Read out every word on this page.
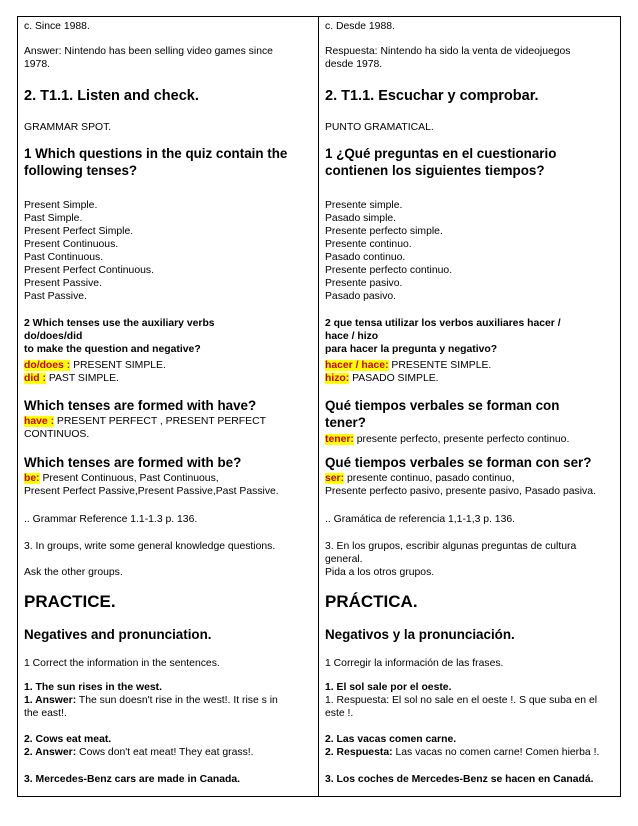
c. Since 1988.
Answer: Nintendo has been selling video games since
1978.
2. T1.1. Listen and check.
GRAMMAR SPOT.
1 Which questions in the quiz contain the
following tenses?
Present Simple.
Past Simple.
Present Perfect Simple.
Present Continuous.
Past Continuous.
Present Perfect Continuous.
Present Passive.
Past Passive.
2 Which tenses use the auxiliary verbs
do/does/did
to make the question and negative?
do/does : PRESENT SIMPLE.
did : PAST SIMPLE.
Which tenses are formed with have?
have : PRESENT PERFECT , PRESENT PERFECT
CONTINUOS.
Which tenses are formed with be?
be: Present Continuous, Past Continuous,
Present Perfect Passive,Present Passive,Past Passive.
.. Grammar Reference 1.1-1.3 p. 136.
3. In groups, write some general knowledge questions.
Ask the other groups.
PRACTICE.
Negatives and pronunciation.
1 Correct the information in the sentences.
1. The sun rises in the west.
1. Answer: The sun doesn't rise in the west!. It rise s in
the east!.
2. Cows eat meat.
2. Answer: Cows don't eat meat! They eat grass!.
3. Mercedes-Benz cars are made in Canada.
c. Desde 1988.
Respuesta: Nintendo ha sido la venta de videojuegos
desde 1978.
2. T1.1. Escuchar y comprobar.
PUNTO GRAMATICAL.
1 ¿Qué preguntas en el cuestionario
contienen los siguientes tiempos?
Presente simple.
Pasado simple.
Presente perfecto simple.
Presente continuo.
Pasado continuo.
Presente perfecto continuo.
Presente pasivo.
Pasado pasivo.
2 que tensa utilizar los verbos auxiliares hacer /
hace / hizo
para hacer la pregunta y negativo?
hacer / hace: PRESENTE SIMPLE.
hizo: PASADO SIMPLE.
Qué tiempos verbales se forman con
tener?
tener: presente perfecto, presente perfecto continuo.
Qué tiempos verbales se forman con ser?
ser: presente continuo, pasado continuo,
Presente perfecto pasivo, presente pasivo, Pasado pasiva.
.. Gramática de referencia 1,1-1,3 p. 136.
3. En los grupos, escribir algunas preguntas de cultura
general.
Pida a los otros grupos.
PRÁCTICA.
Negativos y la pronunciación.
1 Corregir la información de las frases.
1. El sol sale por el oeste.
1. Respuesta: El sol no sale en el oeste !. S que suba en el
este !.
2. Las vacas comen carne.
2. Respuesta: Las vacas no comen carne! Comen hierba !.
3. Los coches de Mercedes-Benz se hacen en Canadá.
